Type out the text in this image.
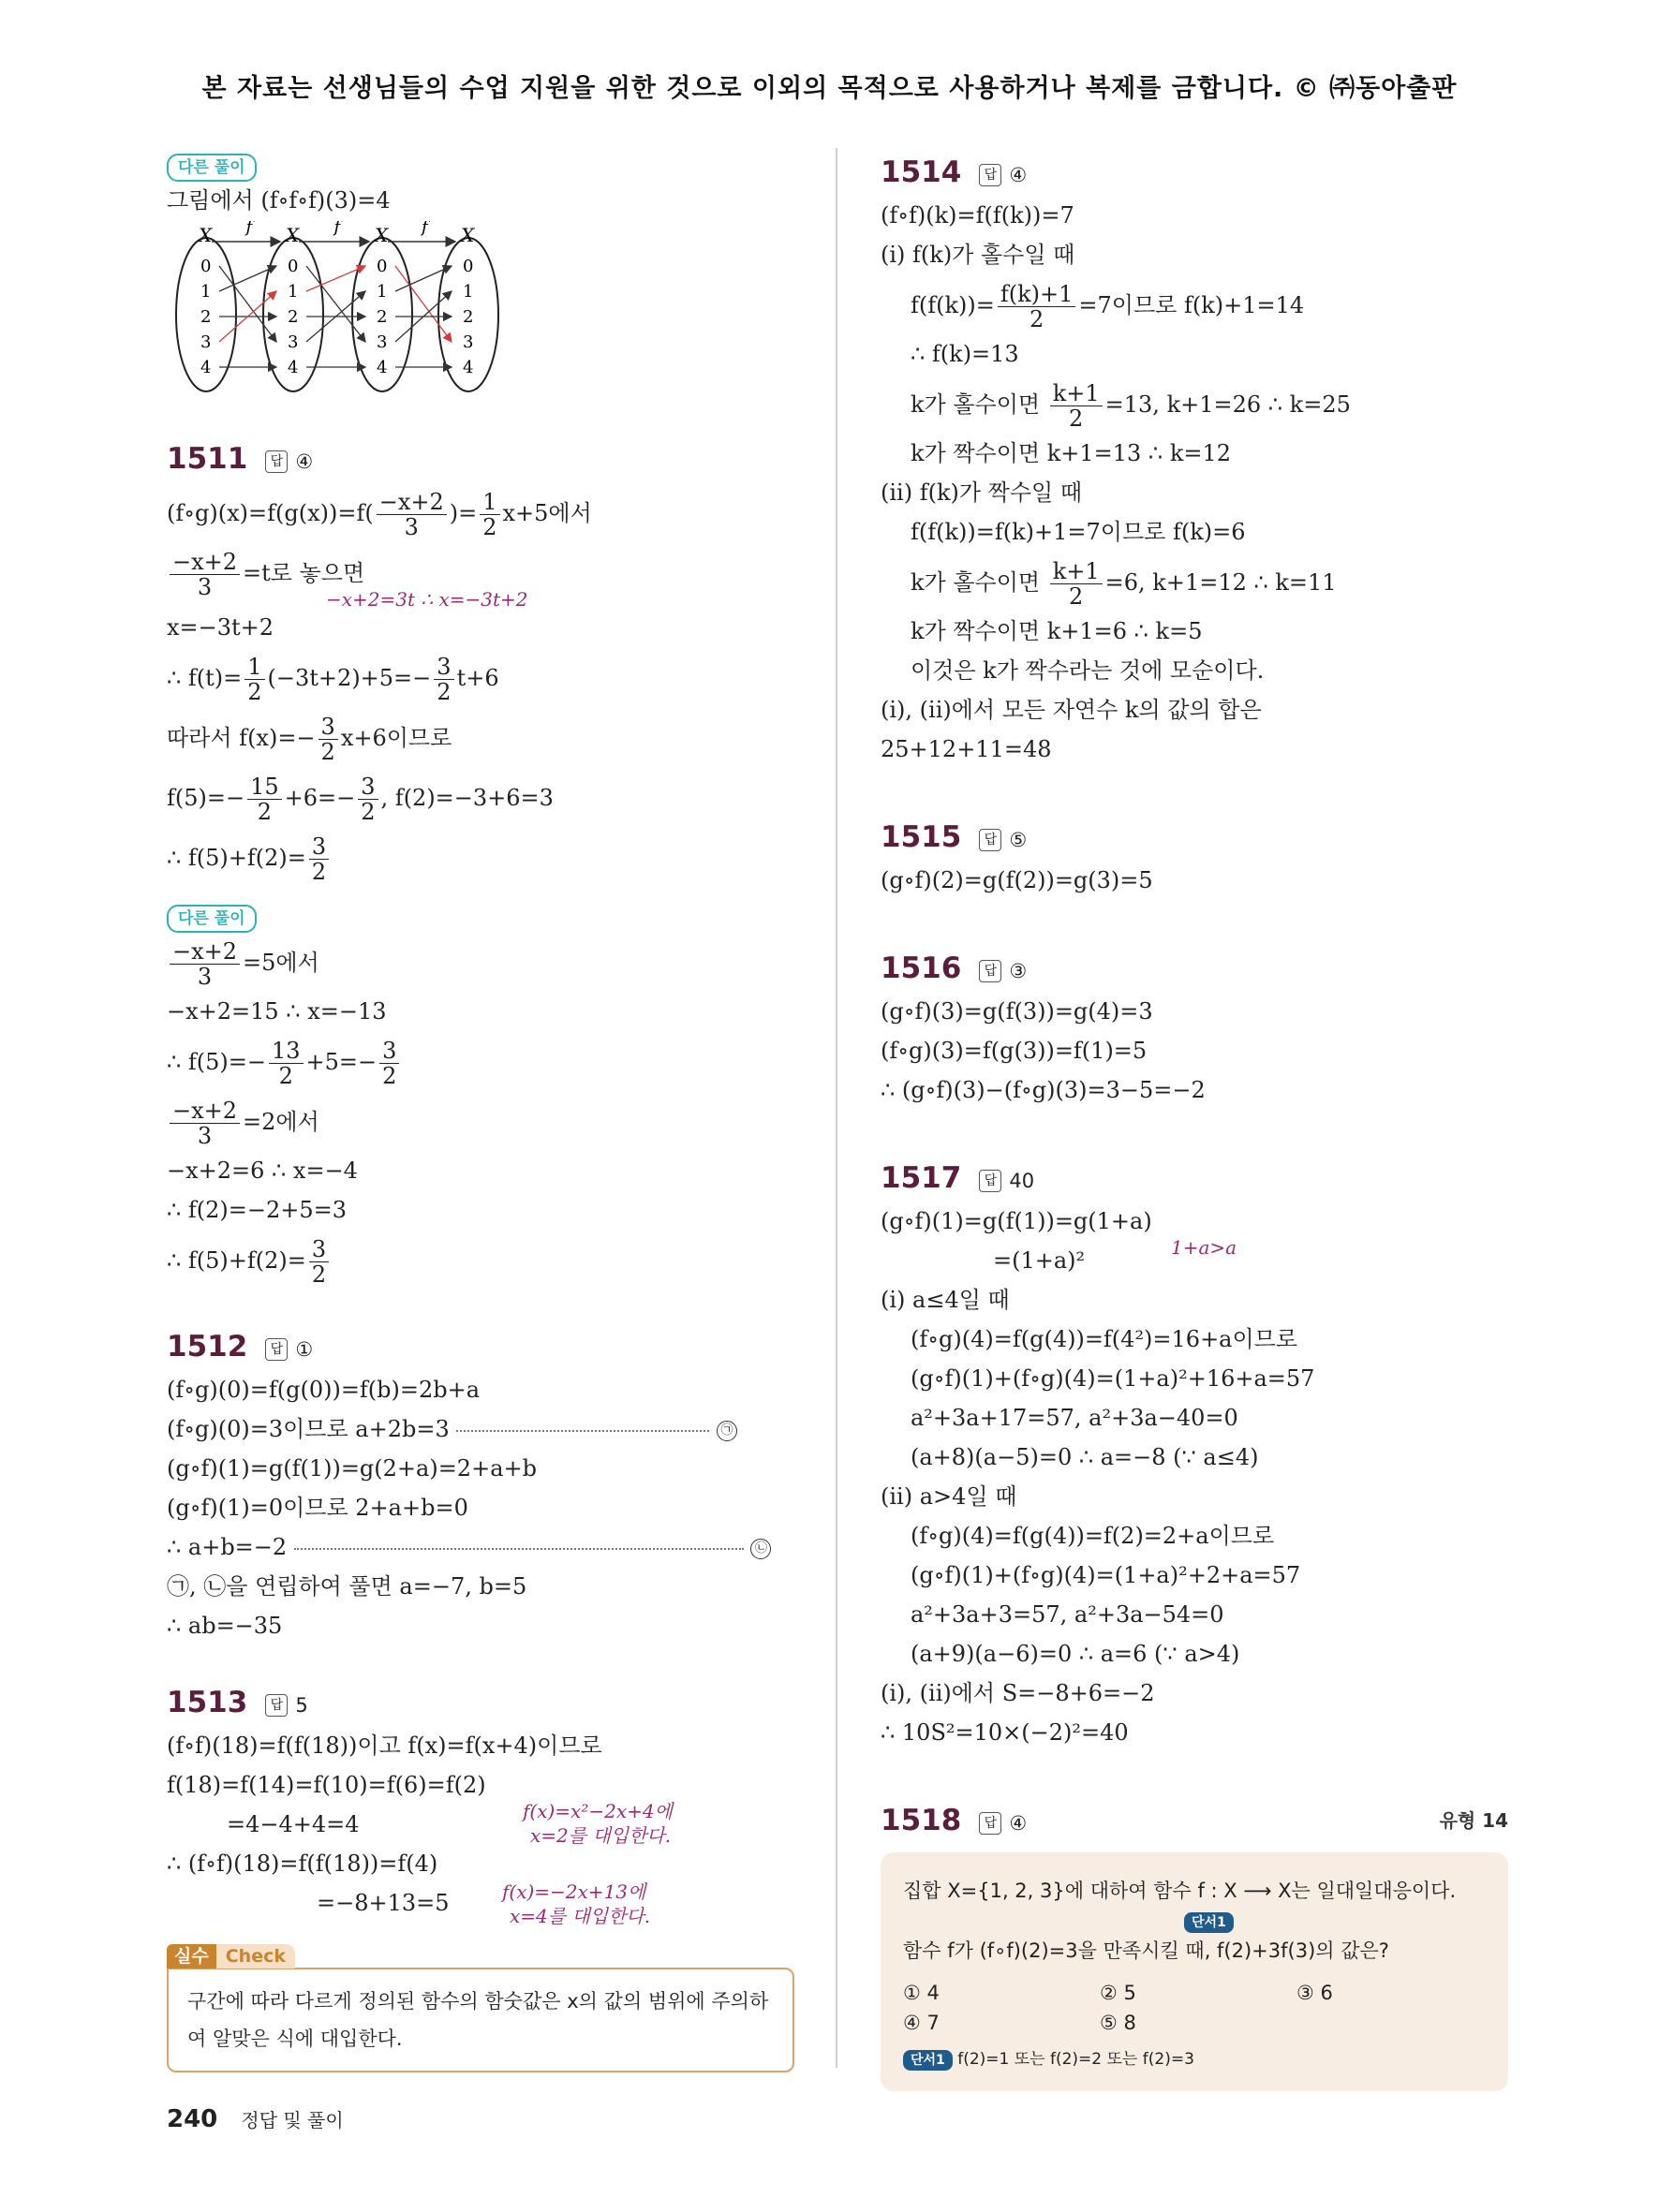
본 자료는 선생님들의 수업 지원을 위한 것으로 이외의 목적으로 사용하거나 복제를 금합니다. © ㈜동아출판
다른 풀이
그림에서 (f∘f∘f)(3)=4
X
0
1
2
3
4
X
0
1
2
3
4
X
0
1
2
3
4
X
0
1
2
3
4
f	f	f
1511 답 ④
(f∘g)(x)=f(g(x))=f( $\frac{-x+2}{3}$ )= $\frac{1}{2} x+5$에서
$\frac{-x+2}{3} =t$로 놓으면
−x+2=3t ∴ x=−3t+2
x=−3t+2
∴ $f(t)= \frac{1}{2} (-3t+2)+5=- \frac{3}{2} t+6$
따라서 $f(x)=- \frac{3}{2} x+6$이므로
$f(5)=- \frac{15}{2} +6=- \frac{3}{2}$ , f(2)=−3+6=3
∴ $f(5)+f(2)= \frac{3}{2}$
다른 풀이
$\frac{-x+2}{3} =5$에서
−x+2=15 ∴ x=−13
∴ $f(5)=- \frac{13}{2} +5=- \frac{3}{2}$
$\frac{-x+2}{3} =2$에서
−x+2=6 ∴ x=−4
∴ f(2)=−2+5=3
∴ $f(5)+f(2)= \frac{3}{2}$
1512 답 ①
(f∘g)(0)=f(g(0))=f(b)=2b+a
(f∘g)(0)=3이므로 a+2b=3	㉠
(g∘f)(1)=g(f(1))=g(2+a)=2+a+b
(g∘f)(1)=0이므로 2+a+b=0
∴ a+b=−2	㉡
㉠, ㉡을 연립하여 풀면 a=−7, b=5
∴ ab=−35
1513 답 5
(f∘f)(18)=f(f(18))이고 f(x)=f(x+4)이므로
f(18)=f(14)=f(10)=f(6)=f(2)
=4−4+4=4	f(x)=x²−2x+4에
x=2를 대입한다.
∴ (f∘f)(18)=f(f(18))=f(4)
=−8+13=5	f(x)=−2x+13에
x=4를 대입한다.
실수 Check
구간에 따라 다르게 정의된 함수의 함숫값은 x의 값의 범위에 주의하여 알맞은 식에 대입한다.
1514 답 ④
(f∘f)(k)=f(f(k))=7
(i) f(k)가 홀수일 때
$f(f(k))= \frac{f(k)+1}{2} =7$이므로 f(k)+1=14
∴ f(k)=13
k가 홀수이면 $\frac{k+1}{2} =13$, k+1=26 ∴ k=25
k가 짝수이면 k+1=13 ∴ k=12
(ii) f(k)가 짝수일 때
f(f(k))=f(k)+1=7이므로 f(k)=6
k가 홀수이면 $\frac{k+1}{2} =6$, k+1=12 ∴ k=11
k가 짝수이면 k+1=6 ∴ k=5
이것은 k가 짝수라는 것에 모순이다.
(i), (ii)에서 모든 자연수 k의 값의 합은
25+12+11=48
1515 답 ⑤
(g∘f)(2)=g(f(2))=g(3)=5
1516 답 ③
(g∘f)(3)=g(f(3))=g(4)=3
(f∘g)(3)=f(g(3))=f(1)=5
∴ (g∘f)(3)−(f∘g)(3)=3−5=−2
1517 답 40
(g∘f)(1)=g(f(1))=g(1+a)
=(1+a)²	1+a>a
(i) a≤4일 때
(f∘g)(4)=f(g(4))=f(4²)=16+a이므로
(g∘f)(1)+(f∘g)(4)=(1+a)²+16+a=57
a²+3a+17=57, a²+3a−40=0
(a+8)(a−5)=0 ∴ a=−8 (∵ a≤4)
(ii) a>4일 때
(f∘g)(4)=f(g(4))=f(2)=2+a이므로
(g∘f)(1)+(f∘g)(4)=(1+a)²+2+a=57
a²+3a+3=57, a²+3a−54=0
(a+9)(a−6)=0 ∴ a=6 (∵ a>4)
(i), (ii)에서 S=−8+6=−2
∴ 10S²=10×(−2)²=40
1518 답 ④	유형 14
집합 X={1, 2, 3}에 대하여 함수 f : X ⟶ X는 일대일대응이다.
단서1
함수 f가 (f∘f)(2)=3을 만족시킬 때, f(2)+3f(3)의 값은?
① 4	② 5	③ 6
④ 7	⑤ 8
단서1 f(2)=1 또는 f(2)=2 또는 f(2)=3
240 정답 및 풀이
